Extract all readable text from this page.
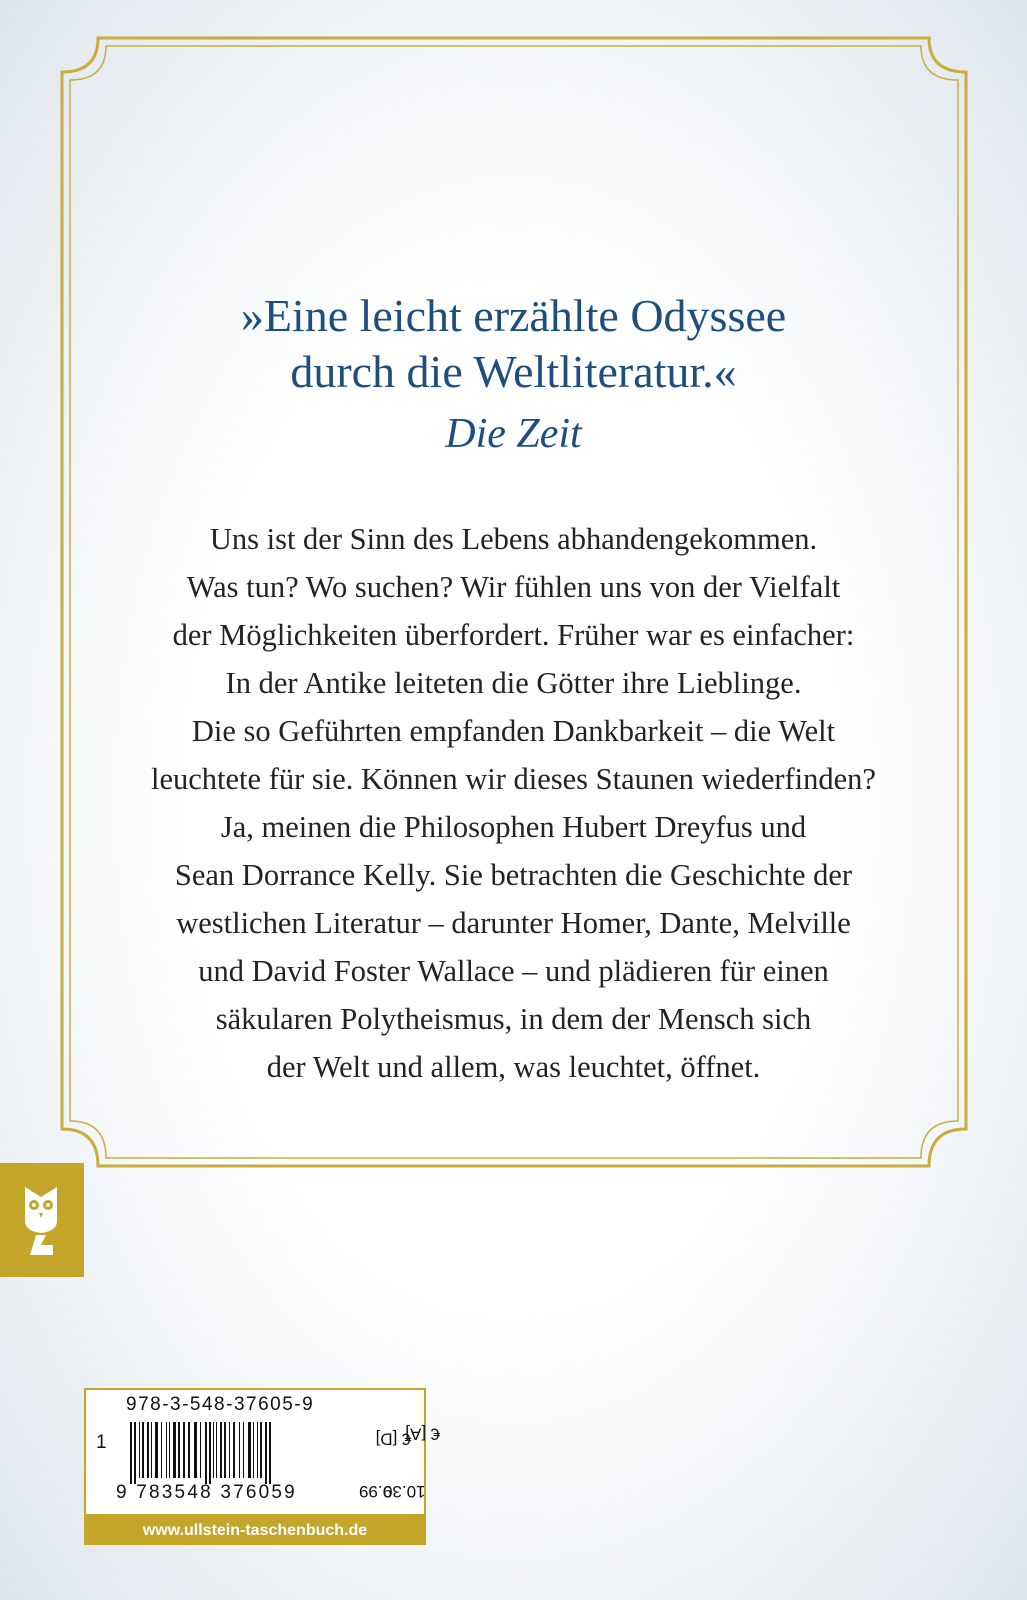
»Eine leicht erzählte Odyssee
durch die Weltliteratur.«
Die Zeit
Uns ist der Sinn des Lebens abhandengekommen.
Was tun? Wo suchen? Wir fühlen uns von der Vielfalt
der Möglichkeiten überfordert. Früher war es einfacher:
In der Antike leiteten die Götter ihre Lieblinge.
Die so Geführten empfanden Dankbarkeit – die Welt
leuchtete für sie. Können wir dieses Staunen wiederfinden?
Ja, meinen die Philosophen Hubert Dreyfus und
Sean Dorrance Kelly. Sie betrachten die Geschichte der
westlichen Literatur – darunter Homer, Dante, Melville
und David Foster Wallace – und plädieren für einen
säkularen Polytheismus, in dem der Mensch sich
der Welt und allem, was leuchtet, öffnet.
978-3-548-37605-9
1
9 783548 376059
€ [D]9.99
€ [A]10.30
www.ullstein-taschenbuch.de
